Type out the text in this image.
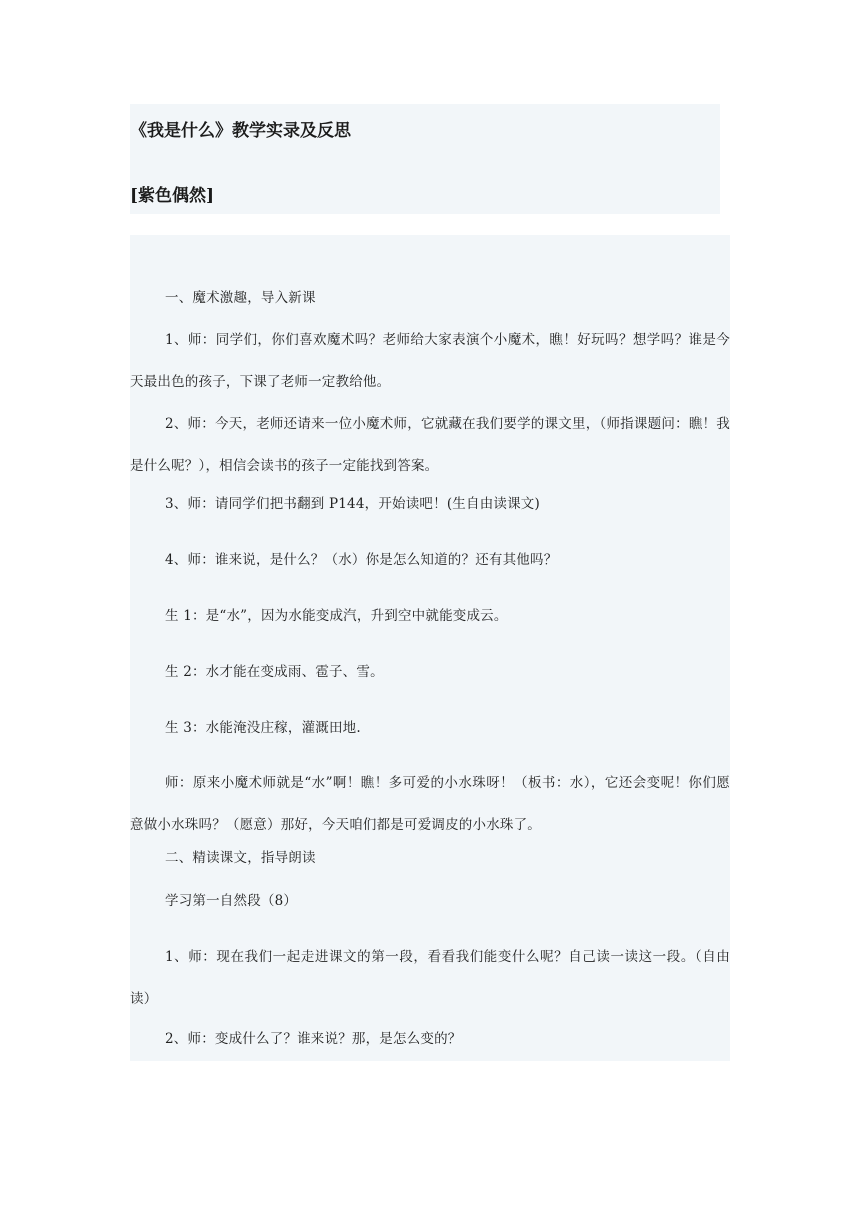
《我是什么》教学实录及反思
[紫色偶然]
一、魔术激趣，导入新课
1、师：同学们，你们喜欢魔术吗？老师给大家表演个小魔术，瞧！好玩吗？想学吗？谁是今天最出色的孩子，下课了老师一定教给他。
2、师：今天，老师还请来一位小魔术师，它就藏在我们要学的课文里，（师指课题问：瞧！我是什么呢？），相信会读书的孩子一定能找到答案。
3、师：请同学们把书翻到 P144，开始读吧！(生自由读课文)
4、师：谁来说，是什么？（水）你是怎么知道的？还有其他吗？
生 1：是“水”，因为水能变成汽，升到空中就能变成云。
生 2：水才能在变成雨、雹子、雪。
生 3：水能淹没庄稼，灌溉田地.
师：原来小魔术师就是“水”啊！瞧！多可爱的小水珠呀！（板书：水），它还会变呢！你们愿意做小水珠吗？（愿意）那好，今天咱们都是可爱调皮的小水珠了。
二、精读课文，指导朗读
学习第一自然段（8）
1、师：现在我们一起走进课文的第一段，看看我们能变什么呢？自己读一读这一段。（自由读）
2、师：变成什么了？谁来说？那，是怎么变的？
